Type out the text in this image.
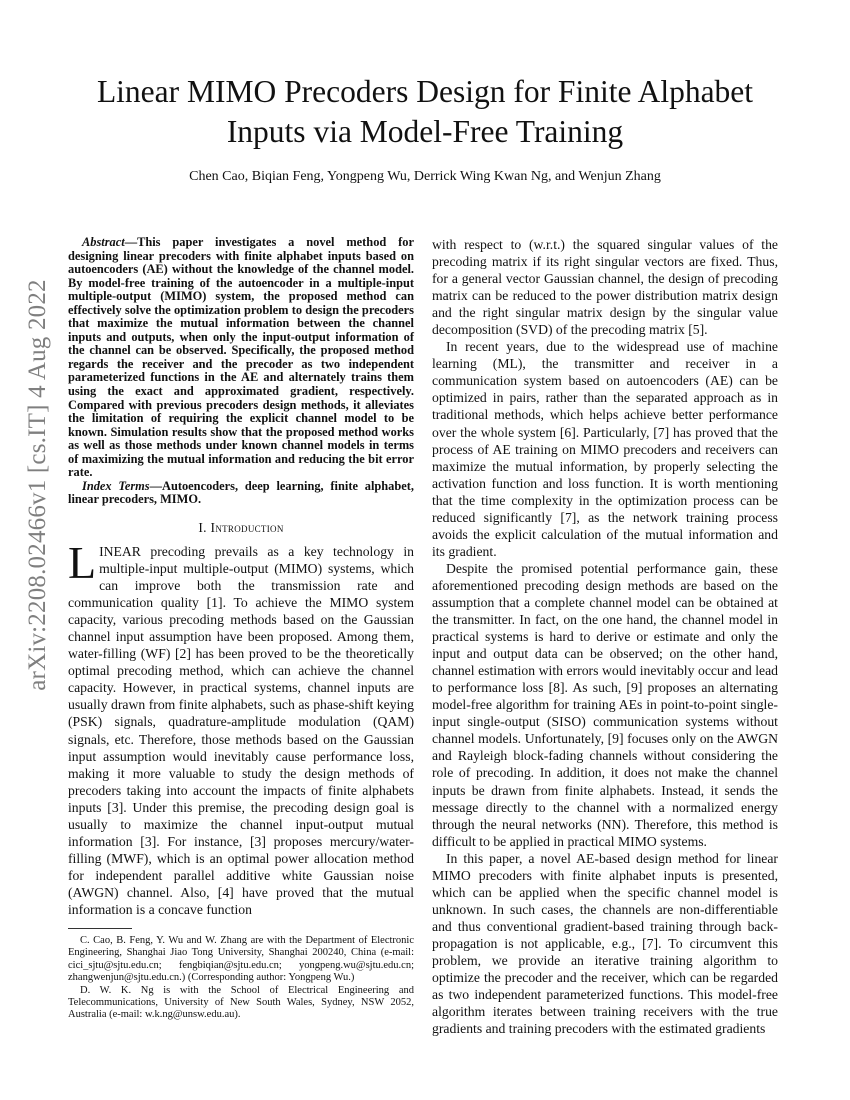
Linear MIMO Precoders Design for Finite Alphabet
Inputs via Model-Free Training
Chen Cao, Biqian Feng, Yongpeng Wu, Derrick Wing Kwan Ng, and Wenjun Zhang
arXiv:2208.02466v1 [cs.IT] 4 Aug 2022

Abstract—This paper investigates a novel method for designing linear precoders with finite alphabet inputs based on autoencoders (AE) without the knowledge of the channel model. By model-free training of the autoencoder in a multiple-input multiple-output (MIMO) system, the proposed method can effectively solve the optimization problem to design the precoders that maximize the mutual information between the channel inputs and outputs, when only the input-output information of the channel can be observed. Specifically, the proposed method regards the receiver and the precoder as two independent parameterized functions in the AE and alternately trains them using the exact and approximated gradient, respectively. Compared with previous precoders design methods, it alleviates the limitation of requiring the explicit channel model to be known. Simulation results show that the proposed method works as well as those methods under known channel models in terms of maximizing the mutual information and reducing the bit error rate.

Index Terms—Autoencoders, deep learning, finite alphabet, linear precoders, MIMO.

I. Introduction

LINEAR precoding prevails as a key technology in multiple-input multiple-output (MIMO) systems, which can improve both the transmission rate and communication quality [1]. To achieve the MIMO system capacity, various precoding methods based on the Gaussian channel input assumption have been proposed. Among them, water-filling (WF) [2] has been proved to be the theoretically optimal precoding method, which can achieve the channel capacity. However, in practical systems, channel inputs are usually drawn from finite alphabets, such as phase-shift keying (PSK) signals, quadrature-amplitude modulation (QAM) signals, etc. Therefore, those methods based on the Gaussian input assumption would inevitably cause performance loss, making it more valuable to study the design methods of precoders taking into account the impacts of finite alphabets inputs [3]. Under this premise, the precoding design goal is usually to maximize the channel input-output mutual information [3]. For instance, [3] proposes mercury/water-filling (MWF), which is an optimal power allocation method for independent parallel additive white Gaussian noise (AWGN) channel. Also, [4] have proved that the mutual information is a concave function

C. Cao, B. Feng, Y. Wu and W. Zhang are with the Department of Electronic Engineering, Shanghai Jiao Tong University, Shanghai 200240, China (e-mail: cici_sjtu@sjtu.edu.cn; fengbiqian@sjtu.edu.cn; yongpeng.wu@sjtu.edu.cn; zhangwenjun@sjtu.edu.cn.) (Corresponding author: Yongpeng Wu.)

D. W. K. Ng is with the School of Electrical Engineering and Telecommunications, University of New South Wales, Sydney, NSW 2052, Australia (e-mail: w.k.ng@unsw.edu.au).

with respect to (w.r.t.) the squared singular values of the precoding matrix if its right singular vectors are fixed. Thus, for a general vector Gaussian channel, the design of precoding matrix can be reduced to the power distribution matrix design and the right singular matrix design by the singular value decomposition (SVD) of the precoding matrix [5].

In recent years, due to the widespread use of machine learning (ML), the transmitter and receiver in a communication system based on autoencoders (AE) can be optimized in pairs, rather than the separated approach as in traditional methods, which helps achieve better performance over the whole system [6]. Particularly, [7] has proved that the process of AE training on MIMO precoders and receivers can maximize the mutual information, by properly selecting the activation function and loss function. It is worth mentioning that the time complexity in the optimization process can be reduced significantly [7], as the network training process avoids the explicit calculation of the mutual information and its gradient.

Despite the promised potential performance gain, these aforementioned precoding design methods are based on the assumption that a complete channel model can be obtained at the transmitter. In fact, on the one hand, the channel model in practical systems is hard to derive or estimate and only the input and output data can be observed; on the other hand, channel estimation with errors would inevitably occur and lead to performance loss [8]. As such, [9] proposes an alternating model-free algorithm for training AEs in point-to-point single-input single-output (SISO) communication systems without channel models. Unfortunately, [9] focuses only on the AWGN and Rayleigh block-fading channels without considering the role of precoding. In addition, it does not make the channel inputs be drawn from finite alphabets. Instead, it sends the message directly to the channel with a normalized energy through the neural networks (NN). Therefore, this method is difficult to be applied in practical MIMO systems.

In this paper, a novel AE-based design method for linear MIMO precoders with finite alphabet inputs is presented, which can be applied when the specific channel model is unknown. In such cases, the channels are non-differentiable and thus conventional gradient-based training through back-propagation is not applicable, e.g., [7]. To circumvent this problem, we provide an iterative training algorithm to optimize the precoder and the receiver, which can be regarded as two independent parameterized functions. This model-free algorithm iterates between training receivers with the true gradients and training precoders with the estimated gradients
